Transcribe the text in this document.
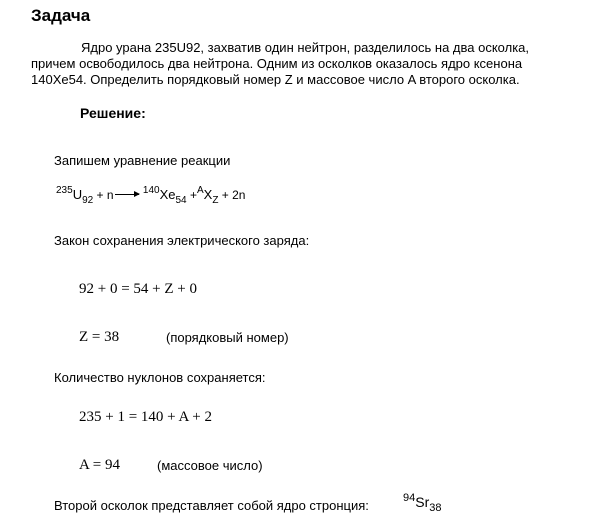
Задача
Ядро урана 235U92, захватив один нейтрон, разделилось на два осколка, причем освободилось два нейтрона. Одним из осколков оказалось ядро ксенона 140Xe54. Определить порядковый номер Z и массовое число A второго осколка.
Решение:
Запишем уравнение реакции
$^{235}U_{92} + n\to ^{140}Xe_{54} +^AX_Z + 2n$
Закон сохранения электрического заряда:
92 + 0 = 54 + Z + 0
Z = 38	(порядковый номер)
Количество нуклонов сохраняется:
235 + 1 = 140 + A + 2
A = 94	(массовое число)
Второй осколок представляет собой ядро стронция:	$^{94}Sr_{38}$
